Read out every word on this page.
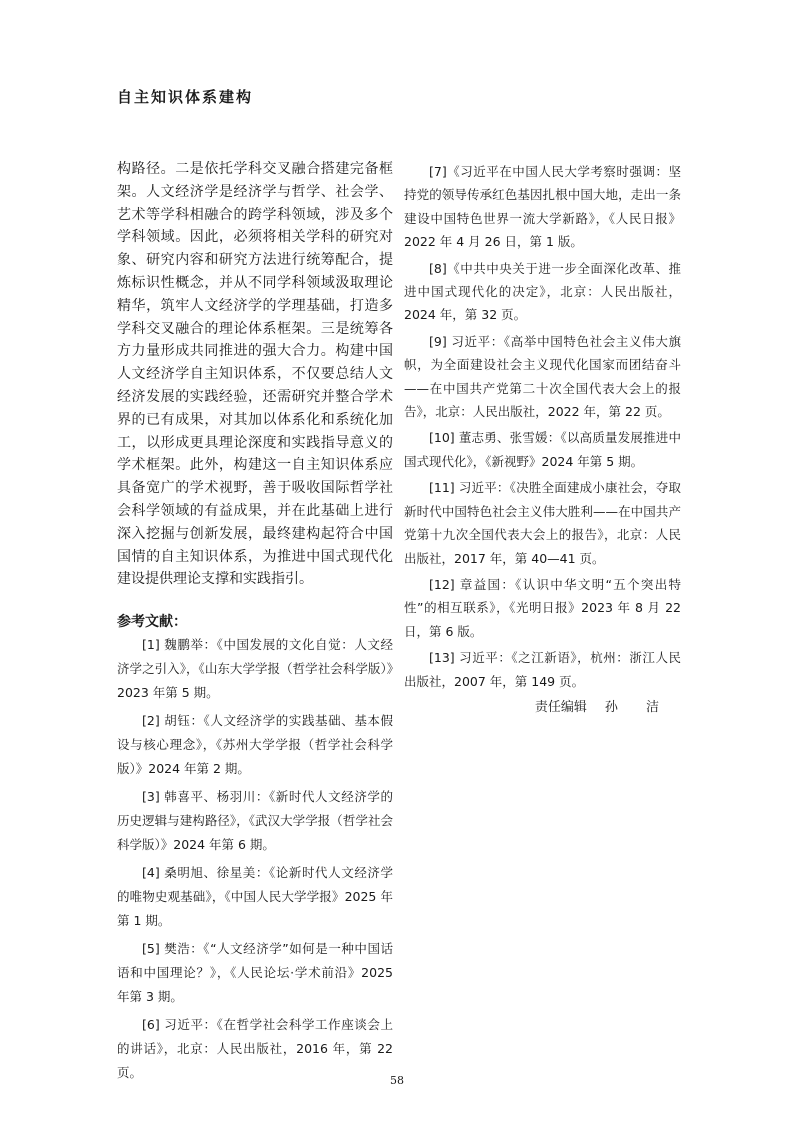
自主知识体系建构
构路径。二是依托学科交叉融合搭建完备框架。人文经济学是经济学与哲学、社会学、艺术等学科相融合的跨学科领域，涉及多个学科领域。因此，必须将相关学科的研究对象、研究内容和研究方法进行统筹配合，提炼标识性概念，并从不同学科领域汲取理论精华，筑牢人文经济学的学理基础，打造多学科交叉融合的理论体系框架。三是统筹各方力量形成共同推进的强大合力。构建中国人文经济学自主知识体系，不仅要总结人文经济发展的实践经验，还需研究并整合学术界的已有成果，对其加以体系化和系统化加工，以形成更具理论深度和实践指导意义的学术框架。此外，构建这一自主知识体系应具备宽广的学术视野，善于吸收国际哲学社会科学领域的有益成果，并在此基础上进行深入挖掘与创新发展，最终建构起符合中国国情的自主知识体系，为推进中国式现代化建设提供理论支撑和实践指引。
参考文献：

[1] 魏鹏举：《中国发展的文化自觉：人文经济学之引入》，《山东大学学报（哲学社会科学版）》2023 年第 5 期。

[2] 胡钰：《人文经济学的实践基础、基本假设与核心理念》，《苏州大学学报（哲学社会科学版）》2024 年第 2 期。

[3] 韩喜平、杨羽川：《新时代人文经济学的历史逻辑与建构路径》，《武汉大学学报（哲学社会科学版）》2024 年第 6 期。

[4] 桑明旭、徐星美：《论新时代人文经济学的唯物史观基础》，《中国人民大学学报》2025 年第 1 期。

[5] 樊浩：《“人文经济学”如何是一种中国话语和中国理论？》，《人民论坛·学术前沿》2025 年第 3 期。

[6] 习近平：《在哲学社会科学工作座谈会上的讲话》，北京：人民出版社，2016 年，第 22 页。

[7]《习近平在中国人民大学考察时强调：坚持党的领导传承红色基因扎根中国大地，走出一条建设中国特色世界一流大学新路》，《人民日报》2022 年 4 月 26 日，第 1 版。

[8]《中共中央关于进一步全面深化改革、推进中国式现代化的决定》，北京：人民出版社，2024 年，第 32 页。

[9] 习近平：《高举中国特色社会主义伟大旗帜，为全面建设社会主义现代化国家而团结奋斗——在中国共产党第二十次全国代表大会上的报告》，北京：人民出版社，2022 年，第 22 页。

[10] 董志勇、张雪媛：《以高质量发展推进中国式现代化》，《新视野》2024 年第 5 期。

[11] 习近平：《决胜全面建成小康社会，夺取新时代中国特色社会主义伟大胜利——在中国共产党第十九次全国代表大会上的报告》，北京：人民出版社，2017 年，第 40—41 页。

[12] 章益国：《认识中华文明“五个突出特性”的相互联系》，《光明日报》2023 年 8 月 22 日，第 6 版。

[13] 习近平：《之江新语》，杭州：浙江人民出版社，2007 年，第 149 页。

责任编辑 孙 洁
58
